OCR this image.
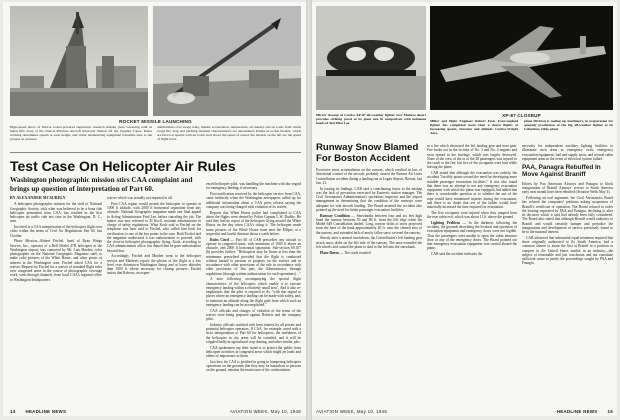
ROCKET MISSILE LAUNCHING

High-speed photo of NACA rocket-powered supersonic research missile (note sweeping radii as metal lifts away at the NACA Pilotless Aircraft Research Station off the Virginia Capes. Radar tracking determines speeds at each height, and while telemetering equipment transmits data to the ground on pressure

distributions over swept wing, missile acceleration, temperature, air density and air loads from which swept lift, drag and pitching moment characteristics are determined. Unlike in rocket models, which are flown at speeds with air loads well above the speed of sound, the models on the left are the speed of flight level.

Test Case On Helicopter Air Rules
Washington photographic mission stirs CAA complaint and brings up question of interpretation of Part 60.
BY ALEXANDER MCSURELY

A helicopter photographic mission for the staff of National Geographic Society, with what was believed to be a bona fide helicopter permanent from CAA, has resulted in the first helicopter air traffic rule test case in the Washington, D. C., area.

Involved is a CAA interpretation of the helicopter flight over cities within the terms of Civil Air Regulations Part 60, last October.

Photo Mission—Robert Fischel, head of Ryan Wings Service, Inc., operator of a Bell Model 47B helicopter at the Washington airport, was contacted by Mr. Luis Marden, color photographer on the National Geographic Magazine staff, to make color pictures of the White House, and other points of interest in the Washington area. Fischel asked CAA for a waiver. Request by Fischel for a waiver of standard flight rules over congested areas in the course of photographic coverage work, went through channels, from local CAA's regional office to Washington headquarters.

waiver which was actually not required at all.

First CAA region would permit the helicopter to operate at 1000 ft altitude, with 2000 ft horizontal separation from any obstacle. National Geographic magazine made one final appeal to Acting Administrator Fred Lee, before canceling the job. The matter was now referred to Al Koch, assistant administrator in charge of safety regulations. What Koch said to Fischel on the telephone was later said to Fischel, who called him back for verification, is one of the key points in the case. Both Fischel and the magazine understood it was authorization to proceed, with the close-in helicopter photographic flying. Koch, according to CAA administration office, has denied that he gave authorization beyond that.

Accordingly, Fischel and Marden went to the helicopter service and Marden's report: the photos of the flight at a low level over downtown Washington lining and at lower altitudes than 1000 ft. where necessary for closeup pictures. Fischel insists that Roberts, an experi-

enced helicopter pilot, was handling the machine with due regard for emergency landing, if necessary.

First notification received by the helicopter service from CAA, came indirectly when the Washington newspapers called up for additional information about a CAA press release saying the company was being charged with violation of its waiver.

Reports that White House police had complained to CAA about the flights were denied by Police Captain L.W. Dudley. He said they had no report of the helicopter flying around the White House on the day when CAA's citing it. The helicopter made some pictures of the White House from near the Ellipse, at a respectful and lawful distance about a week before.

Rules Cited — Part 60 of CAR prescribes any aircraft to operate in congested areas, with minimum of 1000 ft above an obstacle, and 2000 ft horizontal separation. Sub-section 60.107 (b) provides further: "Helicopters may be flown at less than the minimums prescribed provided that the flight is conducted without hazard to persons or property on the surface and in accordance with other provisions of the rule in accordance with other provisions of this part, the Administrator, through regulations (through written authorization for such operations) ..."

A note following accompanying the special flight characteristics of the helicopter, which enable it to execute emergency landing within a relatively small area". And it also re-emphasizes that the pilot is required to fly "with due regard to places where an emergency landing can be made with safety, and, to maintain an altitude along the flight path from which such an emergency landing can be accomplished."

CAA officials and charges of violation of the terms of the waiver were being prepared against Roberts and the company pilot.

Industry officials watched with keen interest by all private and potential helicopter operators. If CAA, for example, acted with a strict interpretation of Part 60 for helicopters, the usefulness of the helicopter in city areas will be curtailed, and it will be crippled badly in agricultural crop dusting, and other similar jobs.

CAA spokesmen say their stand is to protect the public from helicopter activities in congested areas which might jet loads and others of importance to them.

Just how far CAA is justified in going in hampering helicopter operations on the grounds that they may be hazardous to persons on the ground, remains the main issue of the confrontation.

14 HEADLINE NEWS	AVIATION WEEK, May 10, 1948

Mirror closeup of Curtiss XP-87 all-weather fighter over Mohave desert provides striking proof of its giant size in comparison with helmeted heads of Test Pilot Lee

XP-87 CLOSEUP

Miller and flight Engineer Robert Fesk. Four-engined fighter has completed more than a dozen flights at increasing speeds, Inventor and altitude. Curtiss-Wright Aero-

plane Division is tooling up machinery, in preparation for quantity production of the big all-weather fighter at its Columbus, Ohio, plant.

Runway Snow Blamed For Boston Accident

Excessive snow accumulation on the runway, which resulted in loss of directional control of the aircraft, probably caused the Eastern Air Lines Constellation accident during a landing run at Logan Airport, Boston, last Jan. 21.

In issuing its findings, CAB said a contributing factor to the mishap was the lack of precaution exercised by Eastern's station manager. The Civil Aeronautics Administration's operations inspector and the airport management in determining that the condition of the runways were adequate for safe aircraft landing. The Board asserted the accident also pointed up the need for better passenger evacuation facilities.

Runway Condition — Snowbanks between four and six feet high lined the runway between 50 and 80 ft. from the left edge when the Model 649 Constellation landed. Long, narrow drifts of snow projected from the base of the bank approximately 20 ft. onto the cleared area of the runway, and extended inch of newly fallen snow covered the runway.

Shortly after a normal touchdown, the Constellation's left landing gear struck snow drifts on the left side of the runway. The nose extended the left wheels and caused the plane to skid to the left into the snowbank.

Plane Burns — The crash resulted

in a fire which destroyed the left landing gear and nose gear. Fire broke out in the vicinity of No. 3 and No. 4 engines and soon spread to the fuselage, which was largely destroyed. None of the crew of the or of the 20 passengers was injured in the crash or the fire, but five of the occupants were hurt while leaving the plane.

CAB stated that although the evacuation was orderly, the accident "forcibly points toward the need for developing more suitable passenger evacuation facilities." It was also found that there was no attempt to use any emergency evacuation equipment with which the plane was equipped, but added that there is considerable question as to whether the use of the rope would have minimized injuries during the evacuation, and there is no doubt that use of the ladder would have materially increased the time required for evacuation.

The five occupants were injured when they jumped from the rear cabin exit, which was about 11 ft. above the ground.

Lighting Problem — In the darkness following the accident, the grounds describing the location and operation of evacuation equipment and emergency doors were not legible. Thus the passengers were unable to open the cabin entrance door or any of the emergency doors. The Board pointed out that emergency evacuation equipment was carried aboard the plane.

CAB said the accident indicates the

necessity for independent auxiliary lighting facilities to illuminate such areas as emergency exits, emergency evacuation equipment, fuel and supply areas, and several cabin equipment areas in the event of electrical system failure.

PAA, Panagra Rebuffed In Move Against Braniff

Efforts by Pan American Airways and Panagra to block inauguration of Braniff Airways' service to South America early next month have been rebuffed (Aviation Week May 3).

Following an oral argument, the Civil Aeronautics Board has refused the companies' petitions asking suspension of Braniff's certificate of operation. The Board refused to order the hearing requested by PAA and Panagra, declining to alter its decision which it said had already been fully considered. The Board also stated that although Braniff would authority to Braniff and would certainly hamper and prejudice the inauguration and development of service previously found to be in the national interest.

CAB advanced that substantial equal treatment required that those originally authorized to fly South America, had a common chance to attain the first at Braniff in a position to compete in the United States market in an industry—the subject of reasonable and just conclusion and not constitute sufficient cause to justify the proceedings sought by PAA and Panagra.

AVIATION WEEK, May 10, 1948	HEADLINE NEWS 15
